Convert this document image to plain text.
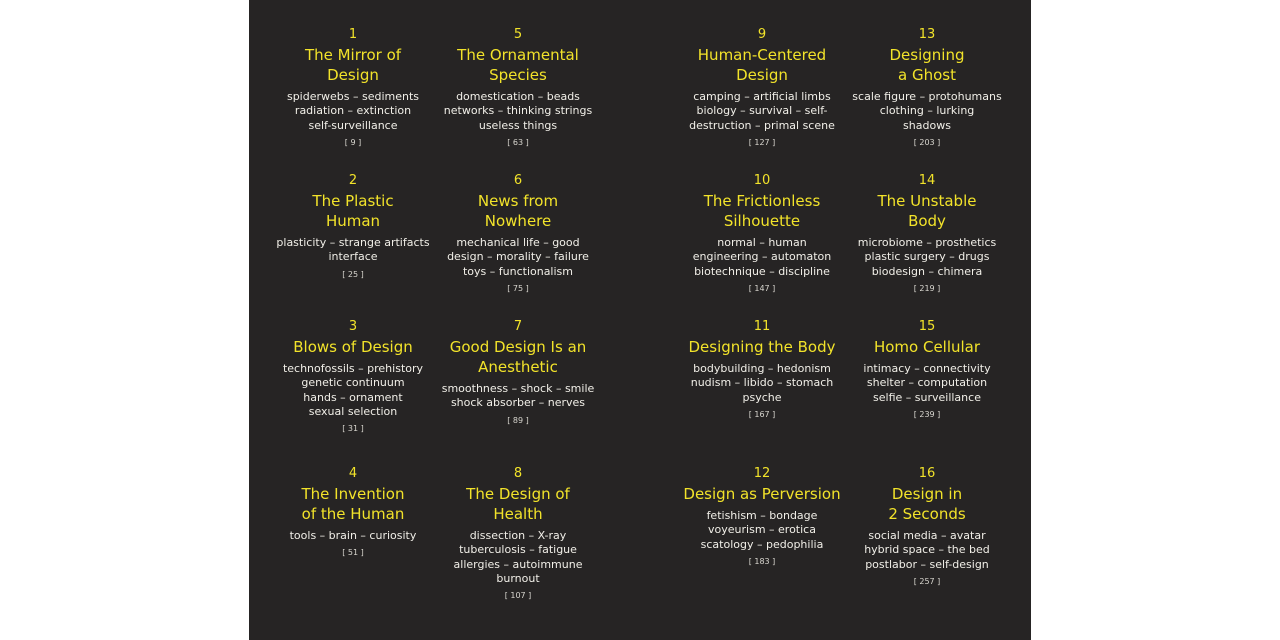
1
The Mirror of
Design
spiderwebs – sediments
radiation – extinction
self-surveillance
[ 9 ]
2
The Plastic
Human
plasticity – strange artifacts
interface
[ 25 ]
3
Blows of Design
technofossils – prehistory
genetic continuum
hands – ornament
sexual selection
[ 31 ]
4
The Invention
of the Human
tools – brain – curiosity
[ 51 ]
5
The Ornamental
Species
domestication – beads
networks – thinking strings
useless things
[ 63 ]
6
News from
Nowhere
mechanical life – good
design – morality – failure
toys – functionalism
[ 75 ]
7
Good Design Is an
Anesthetic
smoothness – shock – smile
shock absorber – nerves
[ 89 ]
8
The Design of
Health
dissection – X-ray
tuberculosis – fatigue
allergies – autoimmune
burnout
[ 107 ]
9
Human-Centered
Design
camping – artificial limbs
biology – survival – self-
destruction – primal scene
[ 127 ]
10
The Frictionless
Silhouette
normal – human
engineering – automaton
biotechnique – discipline
[ 147 ]
11
Designing the Body
bodybuilding – hedonism
nudism – libido – stomach
psyche
[ 167 ]
12
Design as Perversion
fetishism – bondage
voyeurism – erotica
scatology – pedophilia
[ 183 ]
13
Designing
a Ghost
scale figure – protohumans
clothing – lurking
shadows
[ 203 ]
14
The Unstable
Body
microbiome – prosthetics
plastic surgery – drugs
biodesign – chimera
[ 219 ]
15
Homo Cellular
intimacy – connectivity
shelter – computation
selfie – surveillance
[ 239 ]
16
Design in
2 Seconds
social media – avatar
hybrid space – the bed
postlabor – self-design
[ 257 ]
